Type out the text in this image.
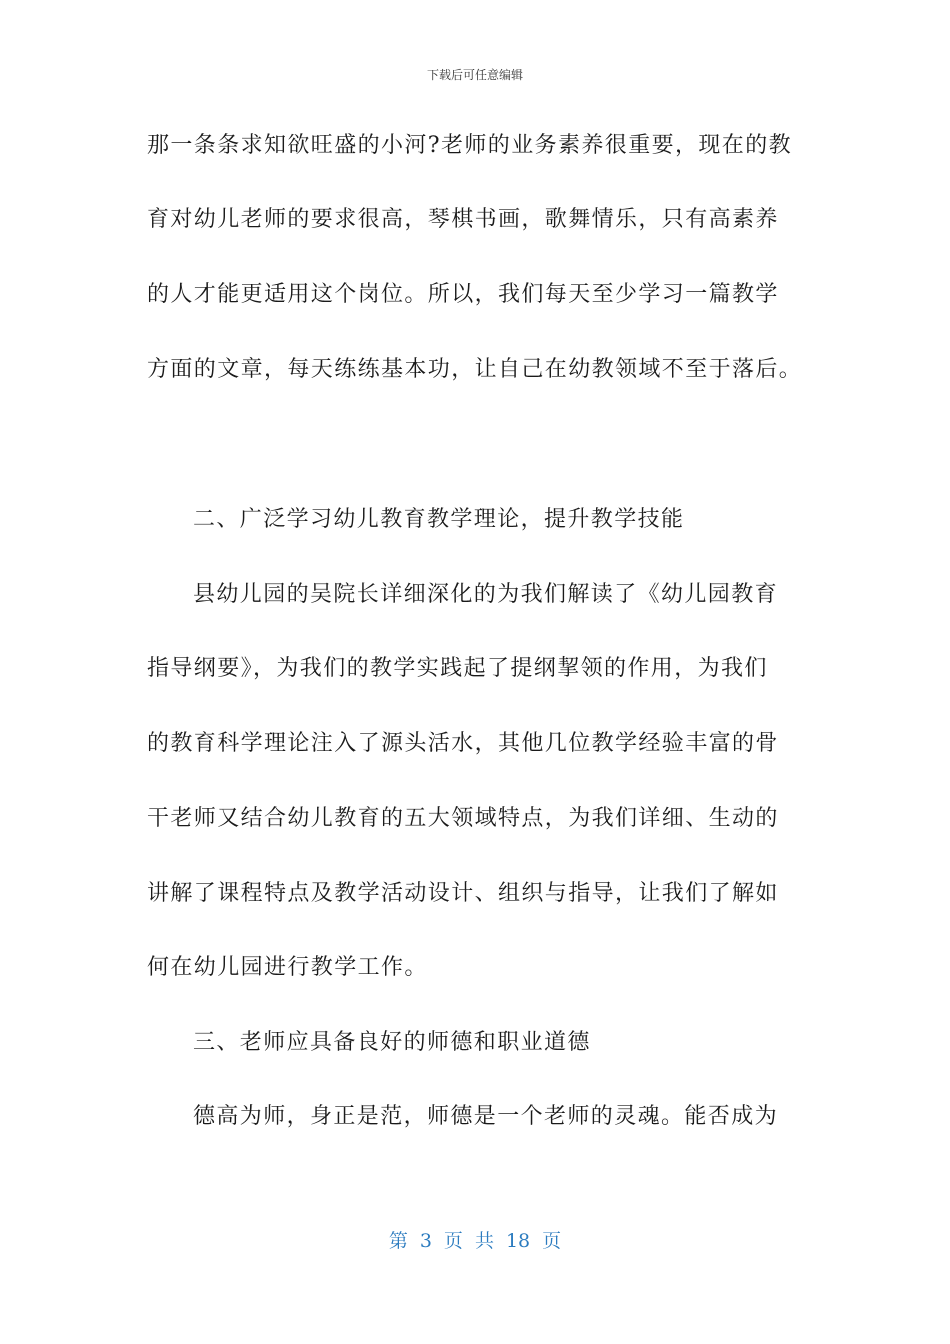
下载后可任意编辑
那一条条求知欲旺盛的小河?老师的业务素养很重要，现在的教
育对幼儿老师的要求很高，琴棋书画，歌舞情乐，只有高素养
的人才能更适用这个岗位。所以，我们每天至少学习一篇教学
方面的文章，每天练练基本功，让自己在幼教领域不至于落后。
二、广泛学习幼儿教育教学理论，提升教学技能
县幼儿园的吴院长详细深化的为我们解读了《幼儿园教育
指导纲要》，为我们的教学实践起了提纲挈领的作用，为我们
的教育科学理论注入了源头活水，其他几位教学经验丰富的骨
干老师又结合幼儿教育的五大领域特点，为我们详细、生动的
讲解了课程特点及教学活动设计、组织与指导，让我们了解如
何在幼儿园进行教学工作。
三、老师应具备良好的师德和职业道德
德高为师，身正是范，师德是一个老师的灵魂。能否成为
第 3 页 共 18 页
